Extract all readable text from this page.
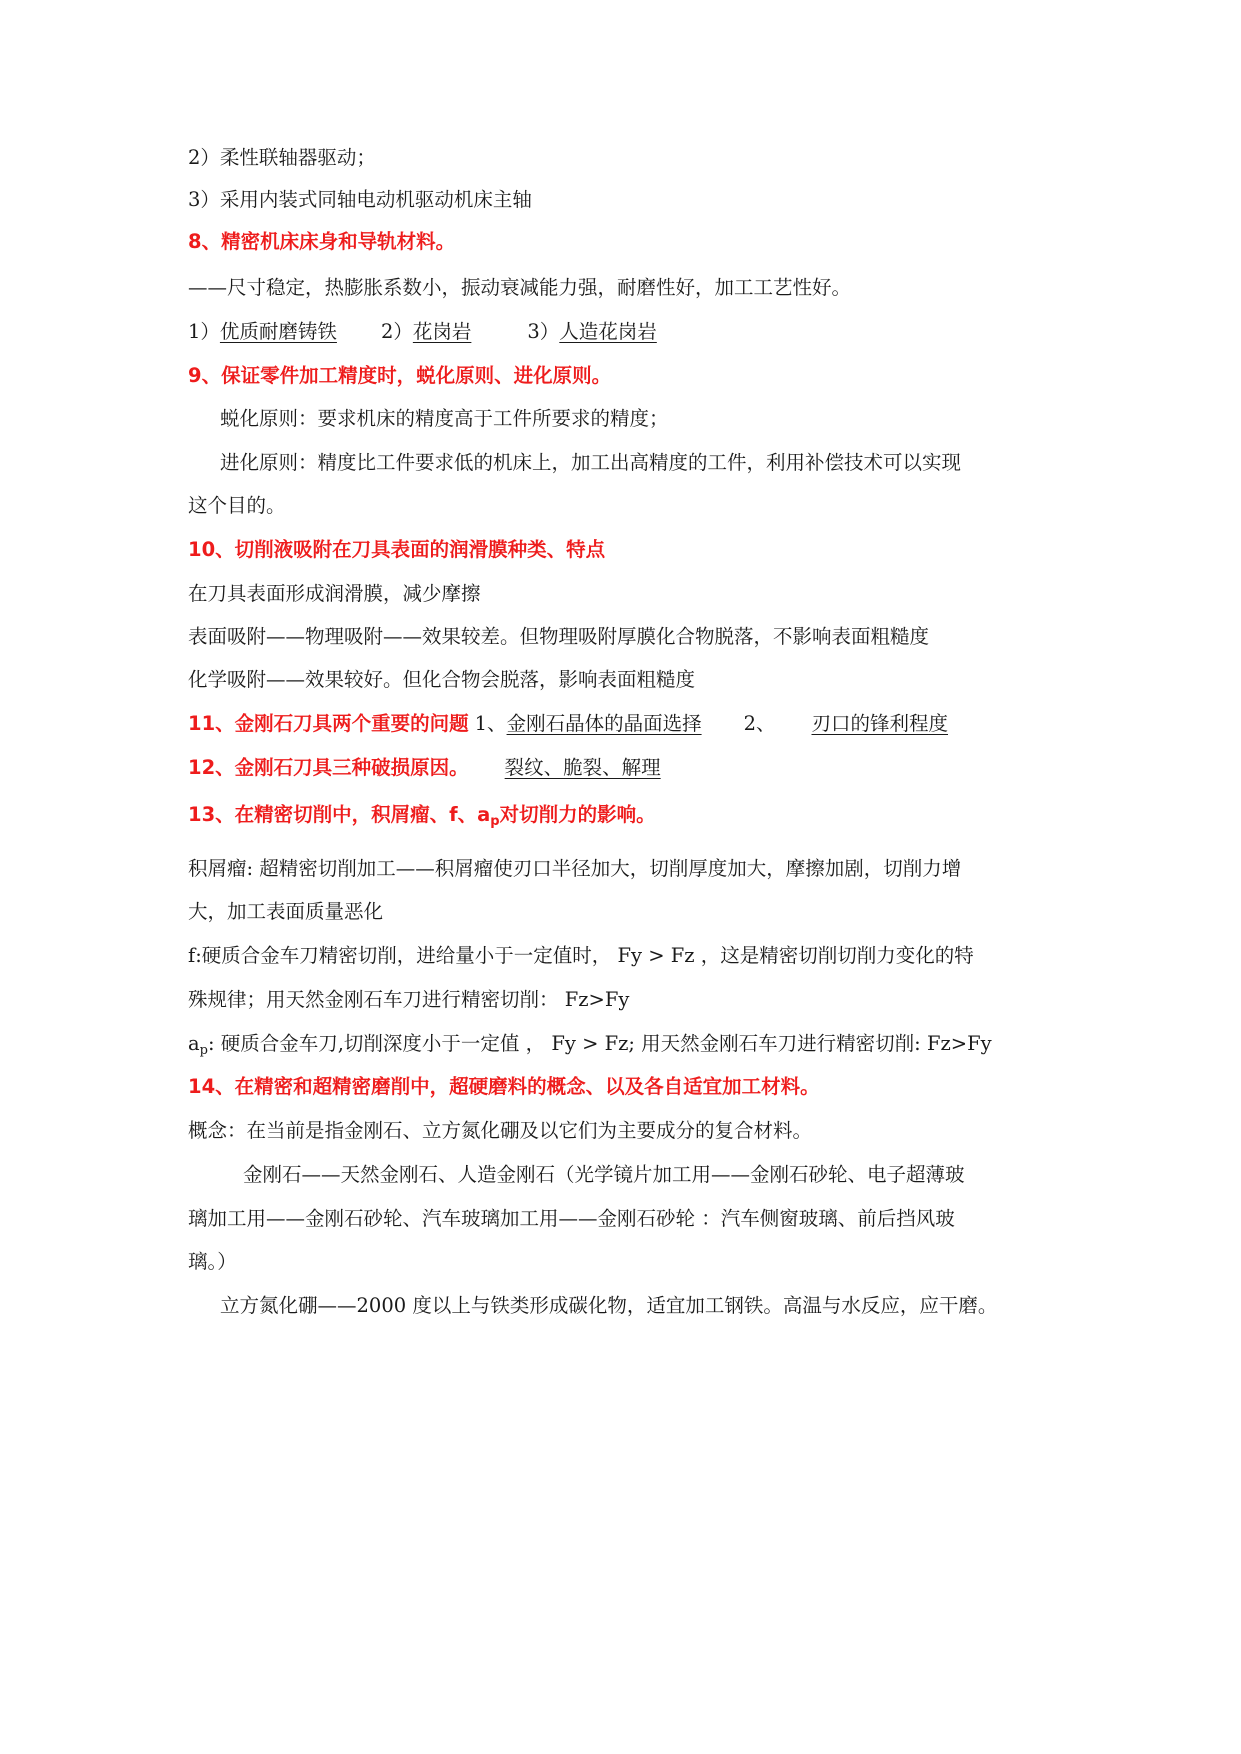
2）柔性联轴器驱动；
3）采用内装式同轴电动机驱动机床主轴
8、精密机床床身和导轨材料。
——尺寸稳定，热膨胀系数小，振动衰减能力强，耐磨性好，加工工艺性好。
1）优质耐磨铸铁 2）花岗岩	3）人造花岗岩
9、保证零件加工精度时，蜕化原则、进化原则。
蜕化原则：要求机床的精度高于工件所要求的精度；
进化原则：精度比工件要求低的机床上，加工出高精度的工件，利用补偿技术可以实现
这个目的。
10、切削液吸附在刀具表面的润滑膜种类、特点
在刀具表面形成润滑膜，减少摩擦
表面吸附——物理吸附——效果较差。但物理吸附厚膜化合物脱落，不影响表面粗糙度
化学吸附——效果较好。但化合物会脱落，影响表面粗糙度
11、金刚石刀具两个重要的问题 1、金刚石晶体的晶面选择 2、 刃口的锋利程度
12、金刚石刀具三种破损原因。 裂纹、脆裂、解理
13、在精密切削中，积屑瘤、f、$a_p$对切削力的影响。
积屑瘤: 超精密切削加工——积屑瘤使刃口半径加大，切削厚度加大，摩擦加剧，切削力增
大，加工表面质量恶化
f:硬质合金车刀精密切削，进给量小于一定值时， Fy > Fz ，这是精密切削切削力变化的特
殊规律；用天然金刚石车刀进行精密切削： Fz>Fy
$a_p$: 硬质合金车刀,切削深度小于一定值 ， Fy > Fz; 用天然金刚石车刀进行精密切削: Fz>Fy
14、在精密和超精密磨削中，超硬磨料的概念、以及各自适宜加工材料。
概念：在当前是指金刚石、立方氮化硼及以它们为主要成分的复合材料。
金刚石——天然金刚石、人造金刚石（光学镜片加工用——金刚石砂轮、电子超薄玻
璃加工用——金刚石砂轮、汽车玻璃加工用——金刚石砂轮 ：汽车侧窗玻璃、前后挡风玻
璃。）
立方氮化硼——2000 度以上与铁类形成碳化物，适宜加工钢铁。高温与水反应，应干磨。
